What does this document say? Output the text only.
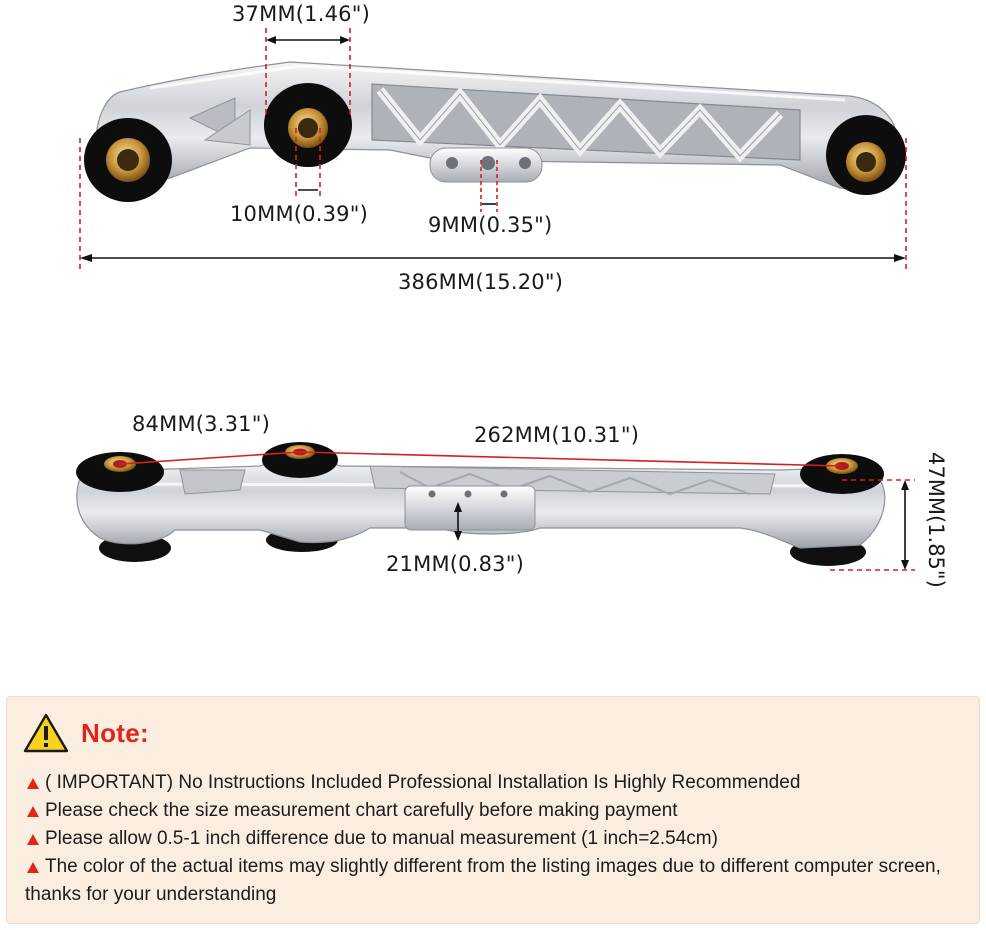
37MM(1.46")
10MM(0.39")	9MM(0.35")
386MM(15.20")
84MM(3.31")	262MM(10.31")
21MM(0.83")	47MM(1.85")
Note:
( IMPORTANT) No Instructions Included Professional Installation Is Highly Recommended
Please check the size measurement chart carefully before making payment
Please allow 0.5-1 inch difference due to manual measurement (1 inch=2.54cm)
The color of the actual items may slightly different from the listing images due to different computer screen, thanks for your understanding
